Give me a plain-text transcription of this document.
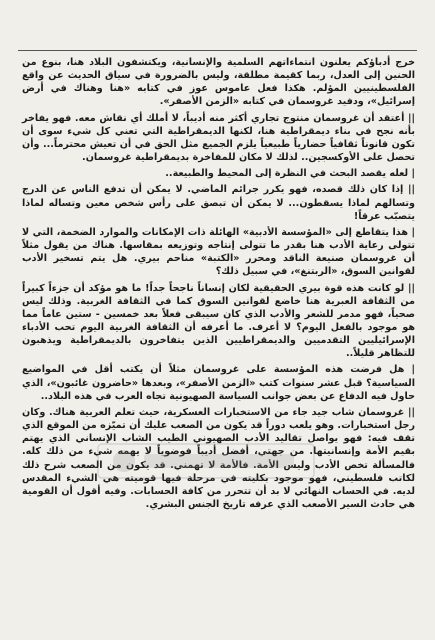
خرج أدباؤكم يعلنون انتماءاتهم السلمية والإنسانية، ويكتشفون البلاد هنا، بنوع من الحنين إلى العدل، ربما كقيمة مطلقة، وليس بالضرورة في سياق الحديث عن واقع الفلسطينيين المؤلم. هكذا فعل عاموس عوز في كتابه «هنا وهناك في أرض إسرائيل»، ودفيد غروسمان في كتابه «الزمن الأصفر».

|| أعتقد أن غروسمان منتوج تجاري أكثر منه أديباً، لا أملك أي نقاش معه. فهو يفاخر بأنه نجح في بناء ديمقراطية هنا، لكنها الديمقراطية التي تعني كل شيء سوى أن تكون قانوناً ثقافياً حضارياً طبيعياً يلزم الجميع مثل الحق في أن تعيش محترماً... وأن تحصل على الأوكسجين.. لذلك لا مكان للمفاخرة بديمقراطية غروسمان.

| لعله يقصد البحث في النظرة إلى المحيط والطبيعة..

|| إذا كان ذلك قصده، فهو يكرر جرائم الماضي. لا يمكن أن تدفع الناس عن الدرج وتسالهم لماذا يسقطون... لا يمكن أن تبصق على رأس شخص معين وتساله لماذا يتصبّب عرقاً!

| هذا يتقاطع إلى «المؤسسة الأدبية» الهائلة ذات الإمكانات والموارد الضخمة، التي لا تتولى رعاية الأدب هنا بقدر ما تتولى إنتاجه وتوزيعه بمقاسها. هناك من يقول مثلاً أن غروسمان صنيعة الناقد ومحرر «الكتبة» مناحم بيري. هل يتم تسخير الأدب لقوانين السوق، «الربتنغ»، في سبيل ذلك؟

|| لو كانت هذه قوة بيري الحقيقية لكان إنساناً ناجحاً جداً! ما هو مؤكد أن جزءاً كبيراً من الثقافة العبرية هنا خاضع لقوانين السوق كما في الثقافة الغربية. وذلك ليس صحياً، فهو مدمر للشعر والأدب الذي كان سيبقى فعلاً بعد خمسين - ستين عاماً مما هو موجود بالفعل اليوم؟ لا أعرف. ما أعرفه أن الثقافة الغربية اليوم تحب الأدباء الإسرائيليين التقدميين والديمقراطيين الذين يتفاخرون بالديمقراطية ويذهبون للتظاهر قليلاً..

| هل فرضت هذه المؤسسة على غروسمان مثلاً أن يكتب أقل في المواضيع السياسية؟ قبل عشر سنوات كتب «الزمن الأصفر»، وبعدها «حاضرون غائبون»، الذي حاول فيه الدفاع عن بعض جوانب السياسة الصهيونية تجاه العرب في هذه البلاد..

|| غروسمان شاب جيد جاء من الاستخبارات العسكرية، حيث تعلم العربية هناك. وكان رجل استخبارات. وهو يلعب دوراً قد يكون من الصعب عليك أن تميّزه من الموقع الذي تقف فيه: فهو يواصل تقاليد الأدب الصهيوني الطيب الشاب الإنساني الذي يهتم بقيم الأمة وإنسانيتها. من جهتي، أفضل أديباً فوضوياً لا يهمه شيء من ذلك كله. فالمسألة تخص الأدب وليس الأمة. فالأمة لا تهمني. قد يكون من الصعب شرح ذلك لكاتب فلسطيني، فهو موجود بكليته في مرحلة فيها قوميته هي الشيء المقدس لديه. في الحساب النهائي لا بد أن تتحرر من كافة الحسابات. وفيه أقول أن القومية هي حادث السير الأصعب الذي عرفه تاريخ الجنس البشري.
